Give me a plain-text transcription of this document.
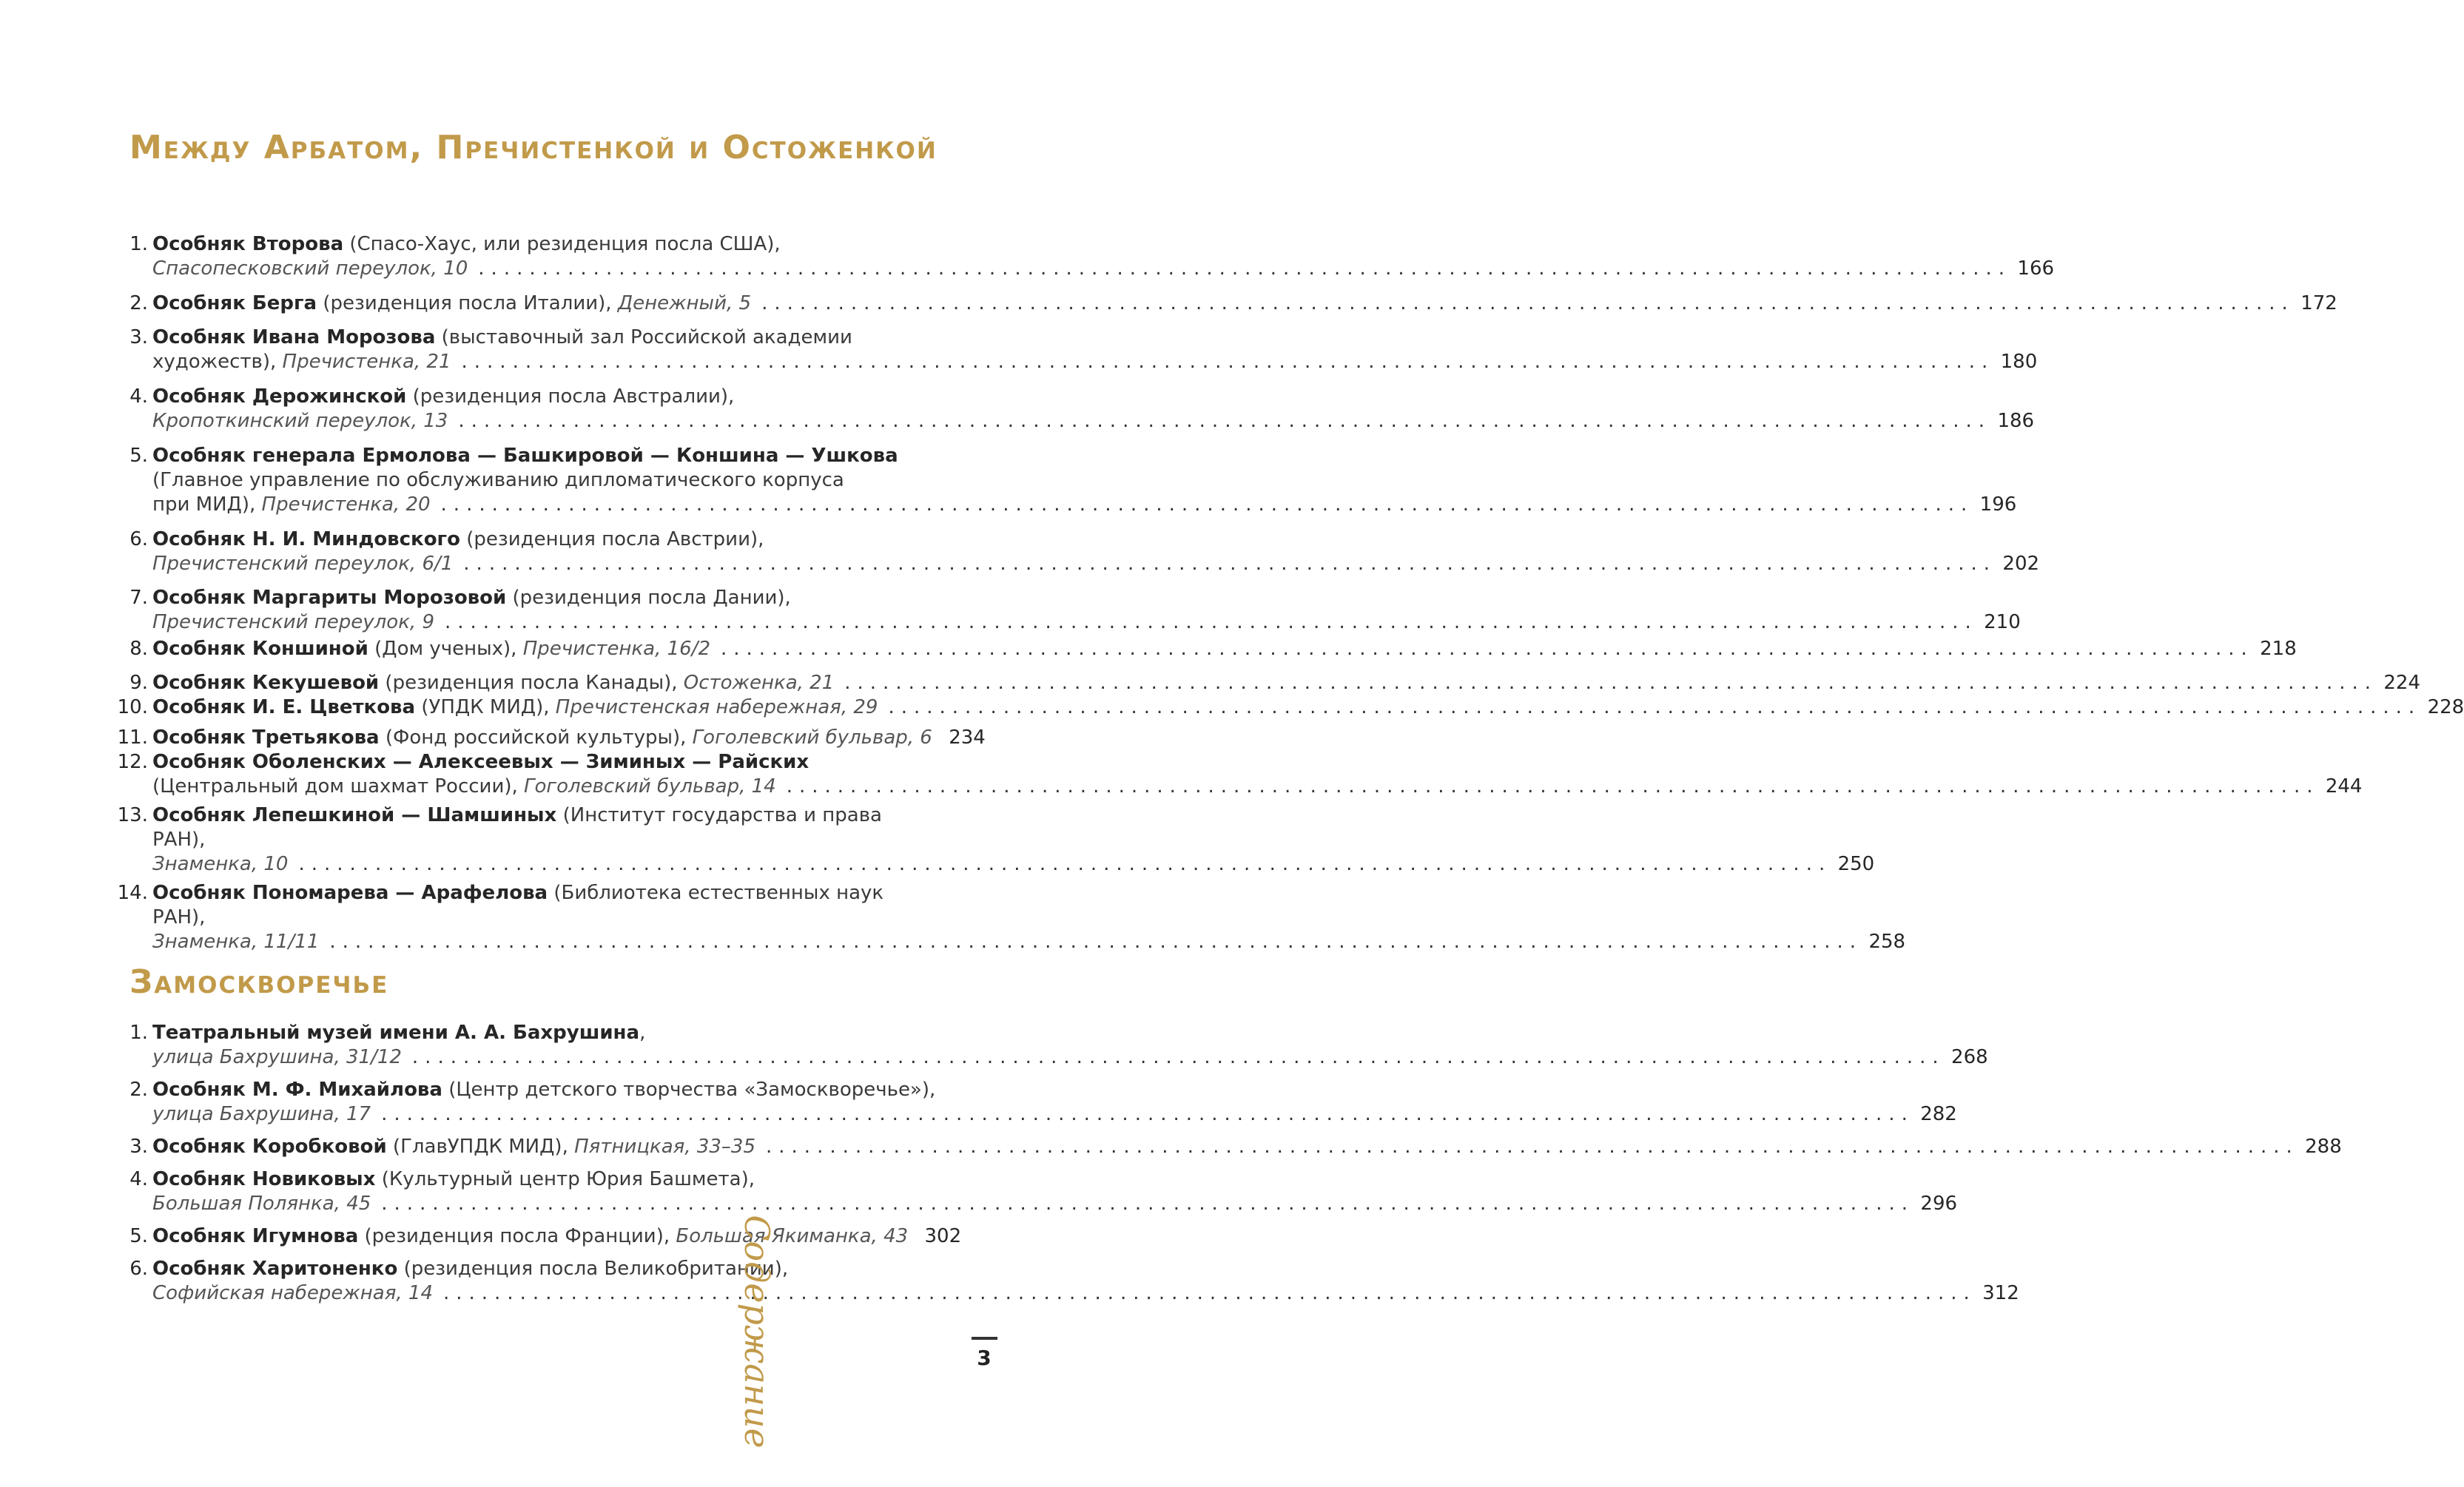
Между Арбатом, Пречистенкой и Остоженкой
1. Особняк Второва (Спасо-Хаус, или резиденция посла США),
Спасопесковский переулок, 10 ........................................................................................................................ 166
2. Особняк Берга (резиденция посла Италии), Денежный, 5 ........................................................................................................................ 172
3. Особняк Ивана Морозова (выставочный зал Российской академии
художеств), Пречистенка, 21 ........................................................................................................................ 180
4. Особняк Дерожинской (резиденция посла Австралии),
Кропоткинский переулок, 13 ........................................................................................................................ 186
5. Особняк генерала Ермолова — Башкировой — Коншина — Ушкова
(Главное управление по обслуживанию дипломатического корпуса
при МИД), Пречистенка, 20 ........................................................................................................................ 196
6. Особняк Н. И. Миндовского (резиденция посла Австрии),
Пречистенский переулок, 6/1 ........................................................................................................................ 202
7. Особняк Маргариты Морозовой (резиденция посла Дании),
Пречистенский переулок, 9 ........................................................................................................................ 210
8. Особняк Коншиной (Дом ученых), Пречистенка, 16/2 ........................................................................................................................ 218
9. Особняк Кекушевой (резиденция посла Канады), Остоженка, 21 ........................................................................................................................ 224
10. Особняк И. Е. Цветкова (УПДК МИД), Пречистенская набережная, 29 ........................................................................................................................ 228
11. Особняк Третьякова (Фонд российской культуры), Гоголевский бульвар, 6 234
12. Особняк Оболенских — Алексеевых — Зиминых — Райских
(Центральный дом шахмат России), Гоголевский бульвар, 14 ........................................................................................................................ 244
13. Особняк Лепешкиной — Шамшиных (Институт государства и права РАН),
Знаменка, 10 ........................................................................................................................ 250
14. Особняк Пономарева — Арафелова (Библиотека естественных наук РАН),
Знаменка, 11/11 ........................................................................................................................ 258
Замоскворечье
1. Театральный музей имени А. А. Бахрушина,
улица Бахрушина, 31/12 ........................................................................................................................ 268
2. Особняк М. Ф. Михайлова (Центр детского творчества «Замоскворечье»),
улица Бахрушина, 17 ........................................................................................................................ 282
3. Особняк Коробковой (ГлавУПДК МИД), Пятницкая, 33–35 ........................................................................................................................ 288
4. Особняк Новиковых (Культурный центр Юрия Башмета),
Большая Полянка, 45 ........................................................................................................................ 296
5. Особняк Игумнова (резиденция посла Франции), Большая Якиманка, 43 302
6. Особняк Харитоненко (резиденция посла Великобритании),
Софийская набережная, 14 ........................................................................................................................ 312
Содержание	3
